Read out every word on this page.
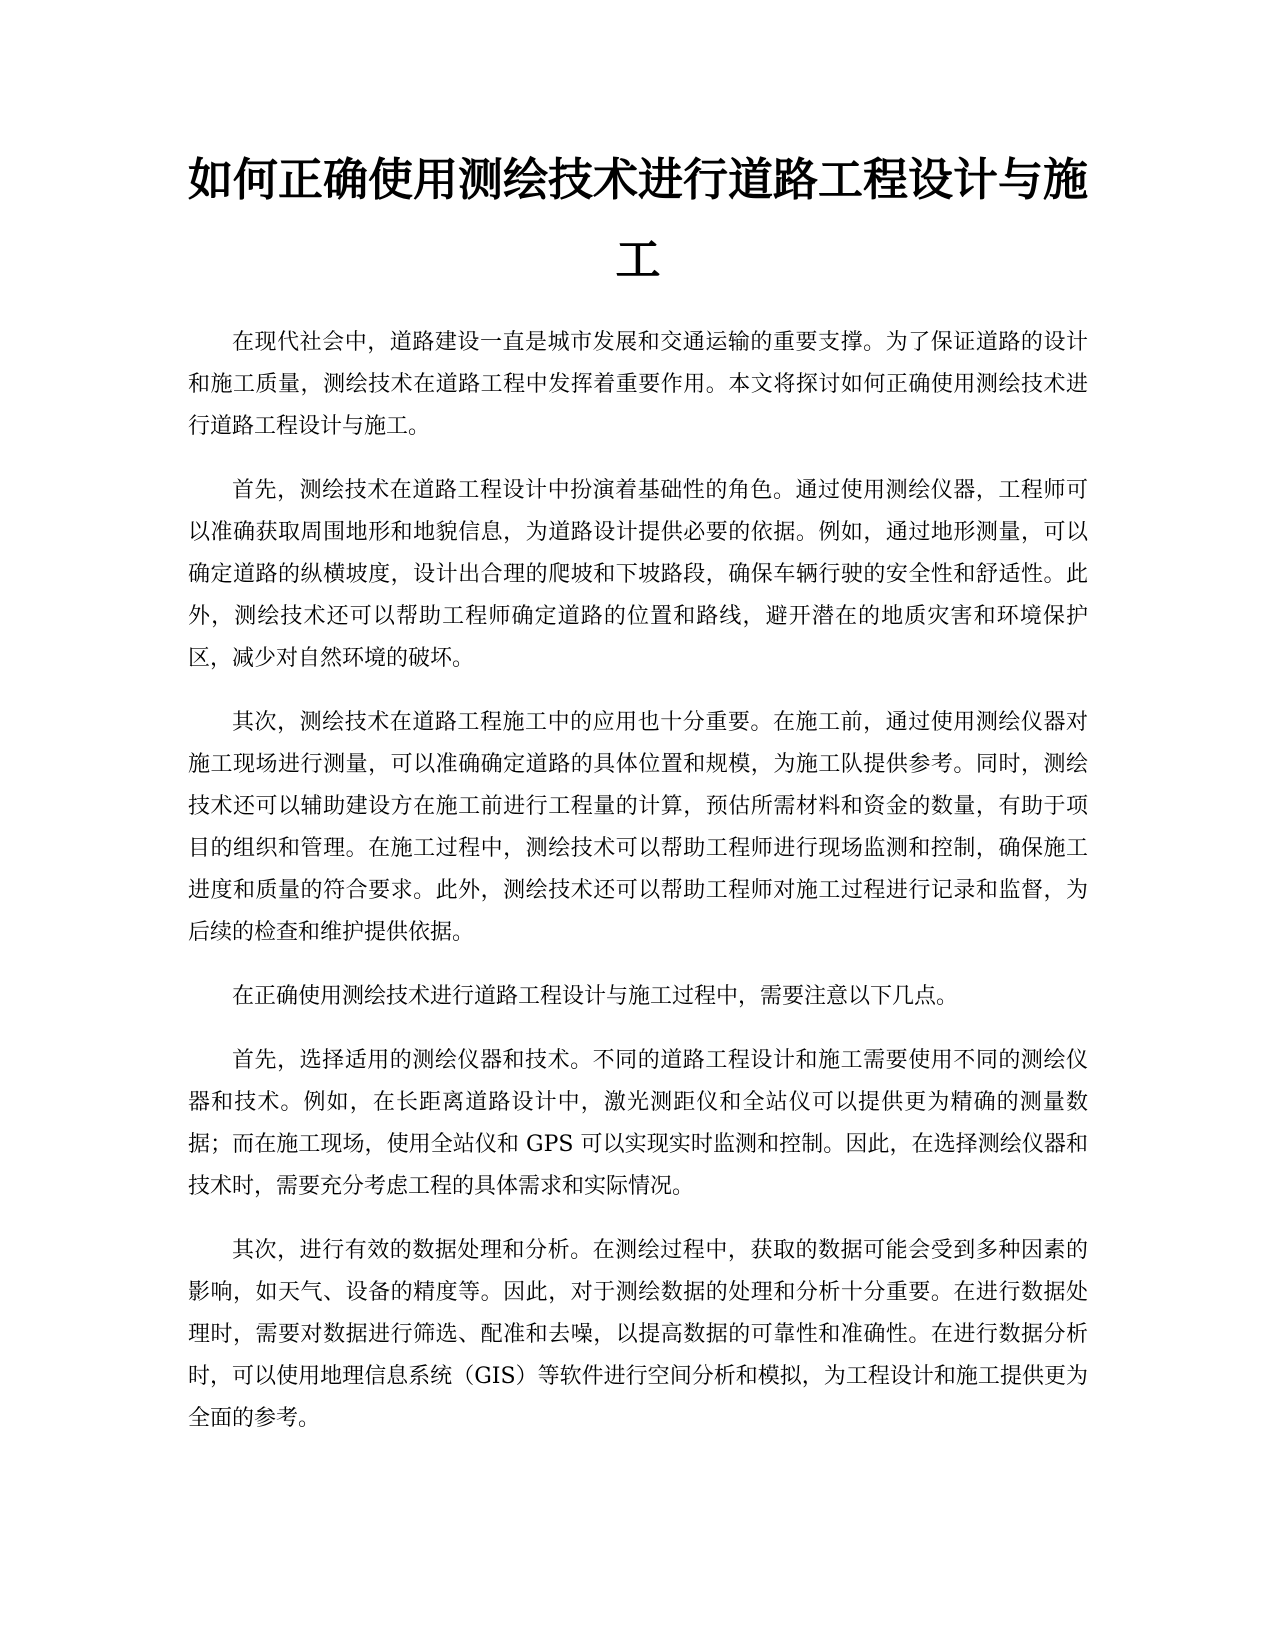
如何正确使用测绘技术进行道路工程设计与施工

在现代社会中，道路建设一直是城市发展和交通运输的重要支撑。为了保证道路的设计和施工质量，测绘技术在道路工程中发挥着重要作用。本文将探讨如何正确使用测绘技术进行道路工程设计与施工。

首先，测绘技术在道路工程设计中扮演着基础性的角色。通过使用测绘仪器，工程师可以准确获取周围地形和地貌信息，为道路设计提供必要的依据。例如，通过地形测量，可以确定道路的纵横坡度，设计出合理的爬坡和下坡路段，确保车辆行驶的安全性和舒适性。此外，测绘技术还可以帮助工程师确定道路的位置和路线，避开潜在的地质灾害和环境保护区，减少对自然环境的破坏。

其次，测绘技术在道路工程施工中的应用也十分重要。在施工前，通过使用测绘仪器对施工现场进行测量，可以准确确定道路的具体位置和规模，为施工队提供参考。同时，测绘技术还可以辅助建设方在施工前进行工程量的计算，预估所需材料和资金的数量，有助于项目的组织和管理。在施工过程中，测绘技术可以帮助工程师进行现场监测和控制，确保施工进度和质量的符合要求。此外，测绘技术还可以帮助工程师对施工过程进行记录和监督，为后续的检查和维护提供依据。

在正确使用测绘技术进行道路工程设计与施工过程中，需要注意以下几点。

首先，选择适用的测绘仪器和技术。不同的道路工程设计和施工需要使用不同的测绘仪器和技术。例如，在长距离道路设计中，激光测距仪和全站仪可以提供更为精确的测量数据；而在施工现场，使用全站仪和 GPS 可以实现实时监测和控制。因此，在选择测绘仪器和技术时，需要充分考虑工程的具体需求和实际情况。

其次，进行有效的数据处理和分析。在测绘过程中，获取的数据可能会受到多种因素的影响，如天气、设备的精度等。因此，对于测绘数据的处理和分析十分重要。在进行数据处理时，需要对数据进行筛选、配准和去噪，以提高数据的可靠性和准确性。在进行数据分析时，可以使用地理信息系统（GIS）等软件进行空间分析和模拟，为工程设计和施工提供更为全面的参考。
